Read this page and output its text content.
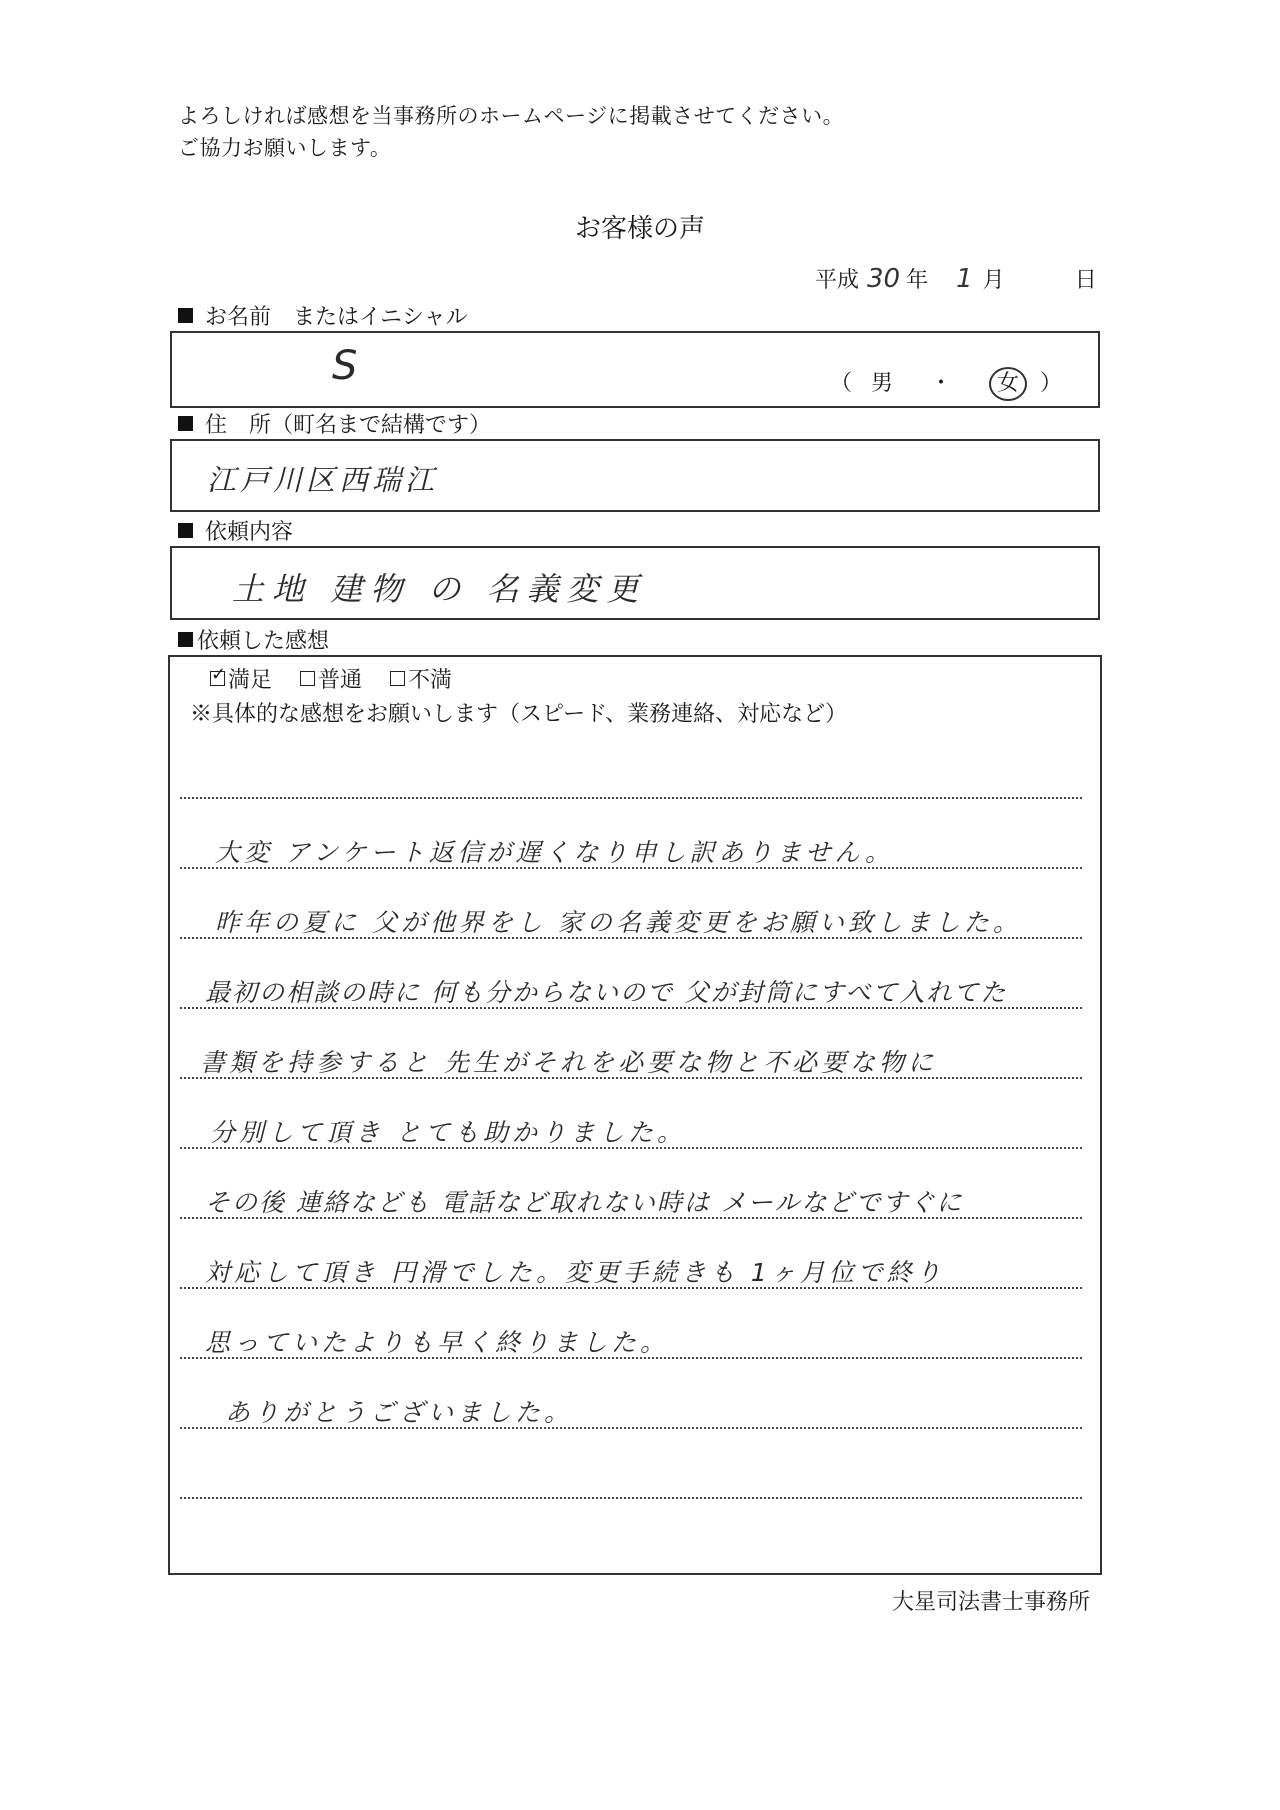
よろしければ感想を当事務所のホームページに掲載させてください。
ご協力お願いします。
お客様の声
平成 30 年 1 月	日
お名前　またはイニシャル
S	（ 男 ・ 女 ）
住　所（町名まで結構です）
江戸川区西瑞江
依頼内容
土地 建物 の 名義変更
依頼した感想
✓
満足 普通 不満
※具体的な感想をお願いします（スピード、業務連絡、対応など）
大変 アンケート返信が遅くなり申し訳ありません。
昨年の夏に 父が他界をし 家の名義変更をお願い致しました。
最初の相談の時に 何も分からないので 父が封筒にすべて入れてた
書類を持参すると 先生がそれを必要な物と不必要な物に
分別して頂き とても助かりました。
その後 連絡なども 電話など取れない時は メールなどですぐに
対応して頂き 円滑でした。変更手続きも 1ヶ月位で終り
思っていたよりも早く終りました。
ありがとうございました。
大星司法書士事務所
